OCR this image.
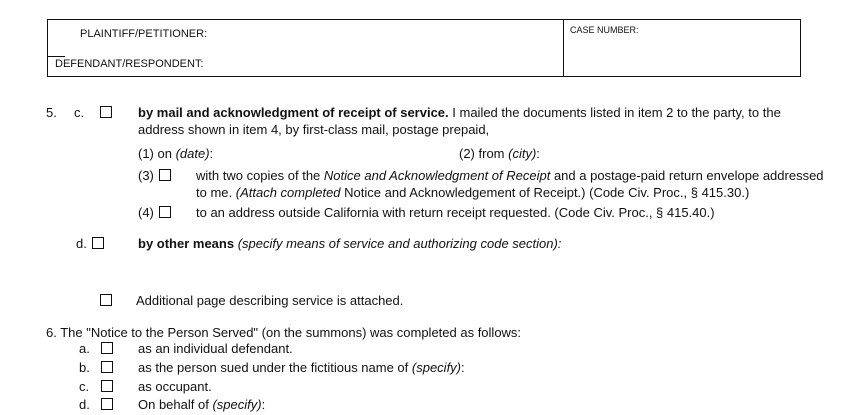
PLAINTIFF/PETITIONER:
DEFENDANT/RESPONDENT:
CASE NUMBER:
5. c.	by mail and acknowledgment of receipt of service. I mailed the documents listed in item 2 to the party, to the
address shown in item 4, by first-class mail, postage prepaid,
(1) on (date):	(2) from (city):
(3)	with two copies of the Notice and Acknowledgment of Receipt and a postage-paid return envelope addressed
to me. (Attach completed Notice and Acknowledgement of Receipt.) (Code Civ. Proc., § 415.30.)
(4)	to an address outside California with return receipt requested. (Code Civ. Proc., § 415.40.)
d.	by other means (specify means of service and authorizing code section):
Additional page describing service is attached.
6. The "Notice to the Person Served" (on the summons) was completed as follows:
a.	as an individual defendant.
b.	as the person sued under the fictitious name of (specify):
c.	as occupant.
d.	On behalf of (specify):
